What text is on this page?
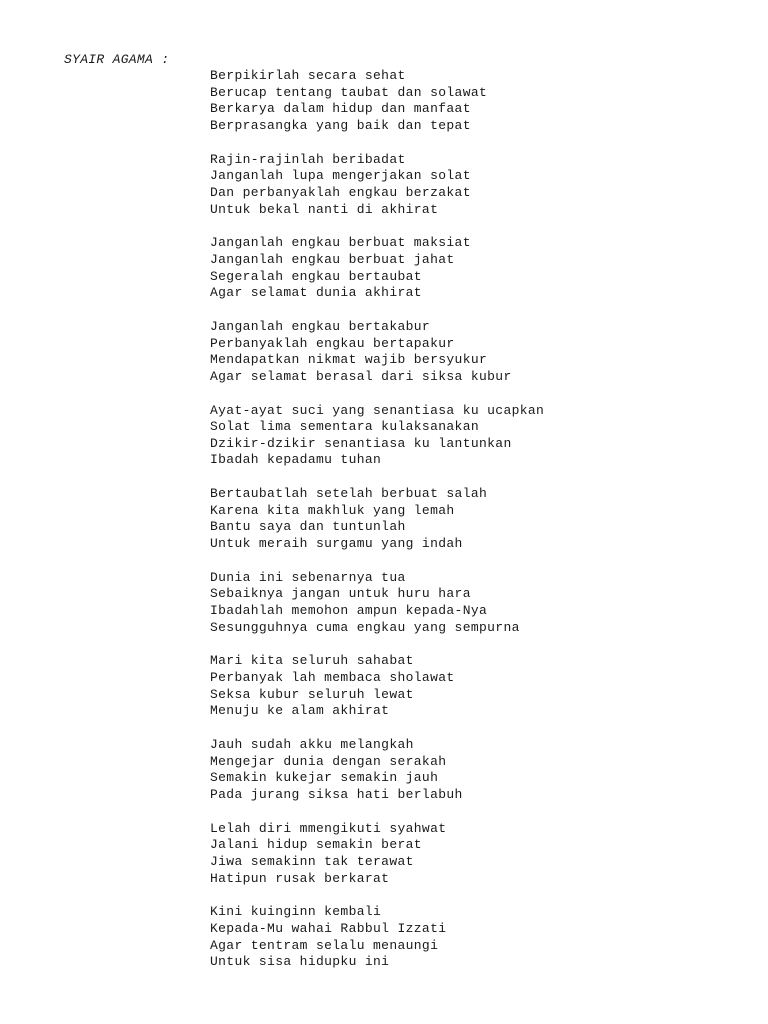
SYAIR AGAMA :
Berpikirlah secara sehat
Berucap tentang taubat dan solawat
Berkarya dalam hidup dan manfaat
Berprasangka yang baik dan tepat
Rajin-rajinlah beribadat
Janganlah lupa mengerjakan solat
Dan perbanyaklah engkau berzakat
Untuk bekal nanti di akhirat
Janganlah engkau berbuat maksiat
Janganlah engkau berbuat jahat
Segeralah engkau bertaubat
Agar selamat dunia akhirat
Janganlah engkau bertakabur
Perbanyaklah engkau bertapakur
Mendapatkan nikmat wajib bersyukur
Agar selamat berasal dari siksa kubur
Ayat-ayat suci yang senantiasa ku ucapkan
Solat lima sementara kulaksanakan
Dzikir-dzikir senantiasa ku lantunkan
Ibadah kepadamu tuhan
Bertaubatlah setelah berbuat salah
Karena kita makhluk yang lemah
Bantu saya dan tuntunlah
Untuk meraih surgamu yang indah
Dunia ini sebenarnya tua
Sebaiknya jangan untuk huru hara
Ibadahlah memohon ampun kepada-Nya
Sesungguhnya cuma engkau yang sempurna
Mari kita seluruh sahabat
Perbanyak lah membaca sholawat
Seksa kubur seluruh lewat
Menuju ke alam akhirat
Jauh sudah akku melangkah
Mengejar dunia dengan serakah
Semakin kukejar semakin jauh
Pada jurang siksa hati berlabuh
Lelah diri mmengikuti syahwat
Jalani hidup semakin berat
Jiwa semakinn tak terawat
Hatipun rusak berkarat
Kini kuinginn kembali
Kepada-Mu wahai Rabbul Izzati
Agar tentram selalu menaungi
Untuk sisa hidupku ini
